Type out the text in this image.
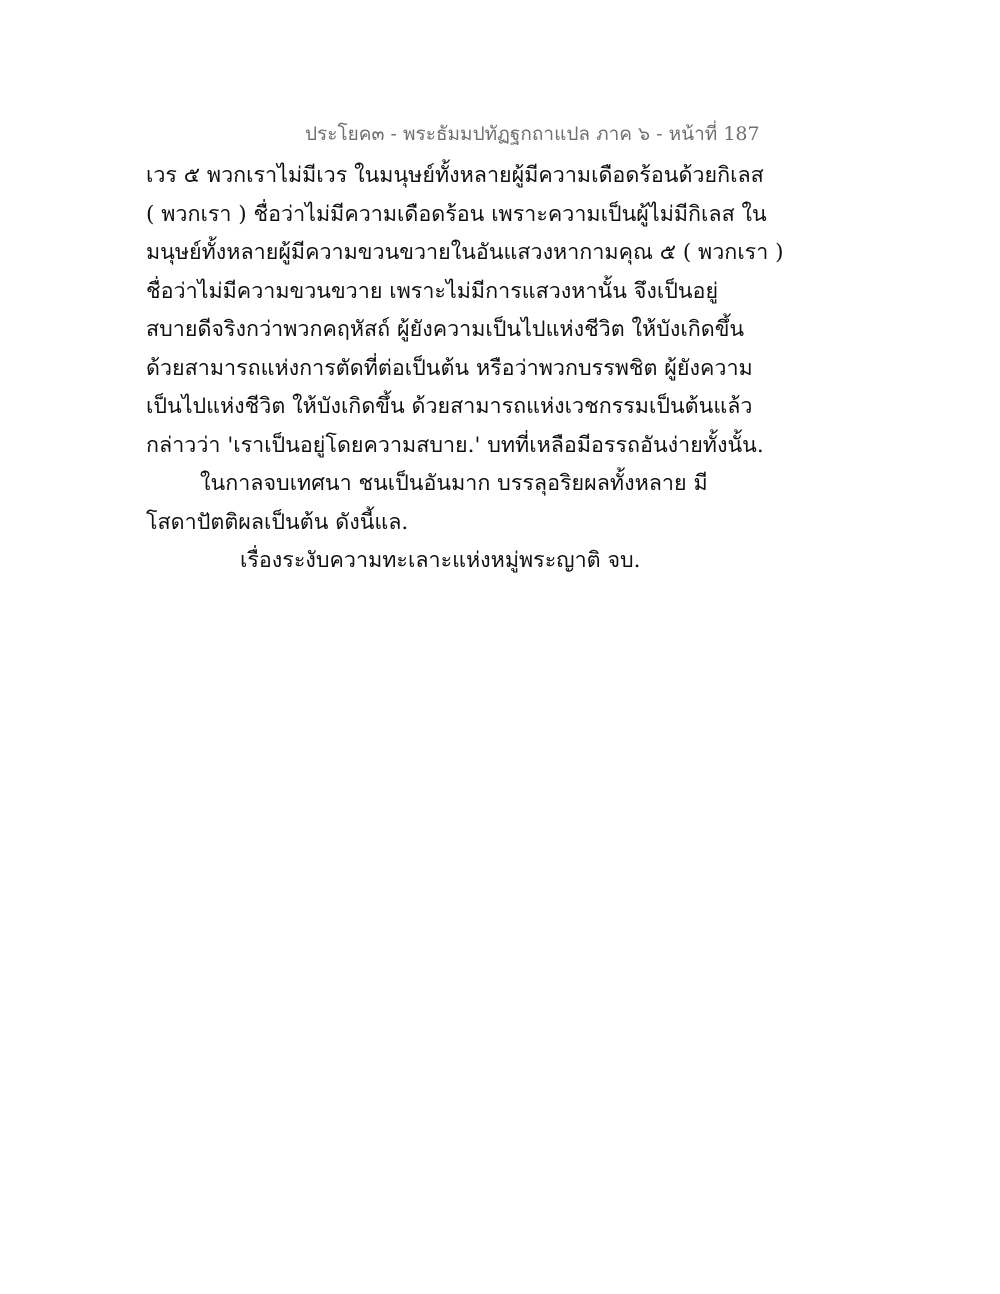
ประโยค๓ - พระธัมมปทัฏฐกถาแปล ภาค ๖ - หน้าที่ 187
เวร ๕ พวกเราไม่มีเวร ในมนุษย์ทั้งหลายผู้มีความเดือดร้อนด้วยกิเลส
( พวกเรา ) ชื่อว่าไม่มีความเดือดร้อน เพราะความเป็นผู้ไม่มีกิเลส ใน
มนุษย์ทั้งหลายผู้มีความขวนขวายในอันแสวงหากามคุณ ๕ ( พวกเรา )
ชื่อว่าไม่มีความขวนขวาย เพราะไม่มีการแสวงหานั้น จึงเป็นอยู่
สบายดีจริงกว่าพวกคฤหัสถ์ ผู้ยังความเป็นไปแห่งชีวิต ให้บังเกิดขึ้น
ด้วยสามารถแห่งการตัดที่ต่อเป็นต้น หรือว่าพวกบรรพชิต ผู้ยังความ
เป็นไปแห่งชีวิต ให้บังเกิดขึ้น ด้วยสามารถแห่งเวชกรรมเป็นต้นแล้ว
กล่าวว่า 'เราเป็นอยู่โดยความสบาย.' บทที่เหลือมีอรรถอันง่ายทั้งนั้น.
ในกาลจบเทศนา ชนเป็นอันมาก บรรลุอริยผลทั้งหลาย มี
โสดาปัตติผลเป็นต้น ดังนี้แล.
เรื่องระงับความทะเลาะแห่งหมู่พระญาติ จบ.
